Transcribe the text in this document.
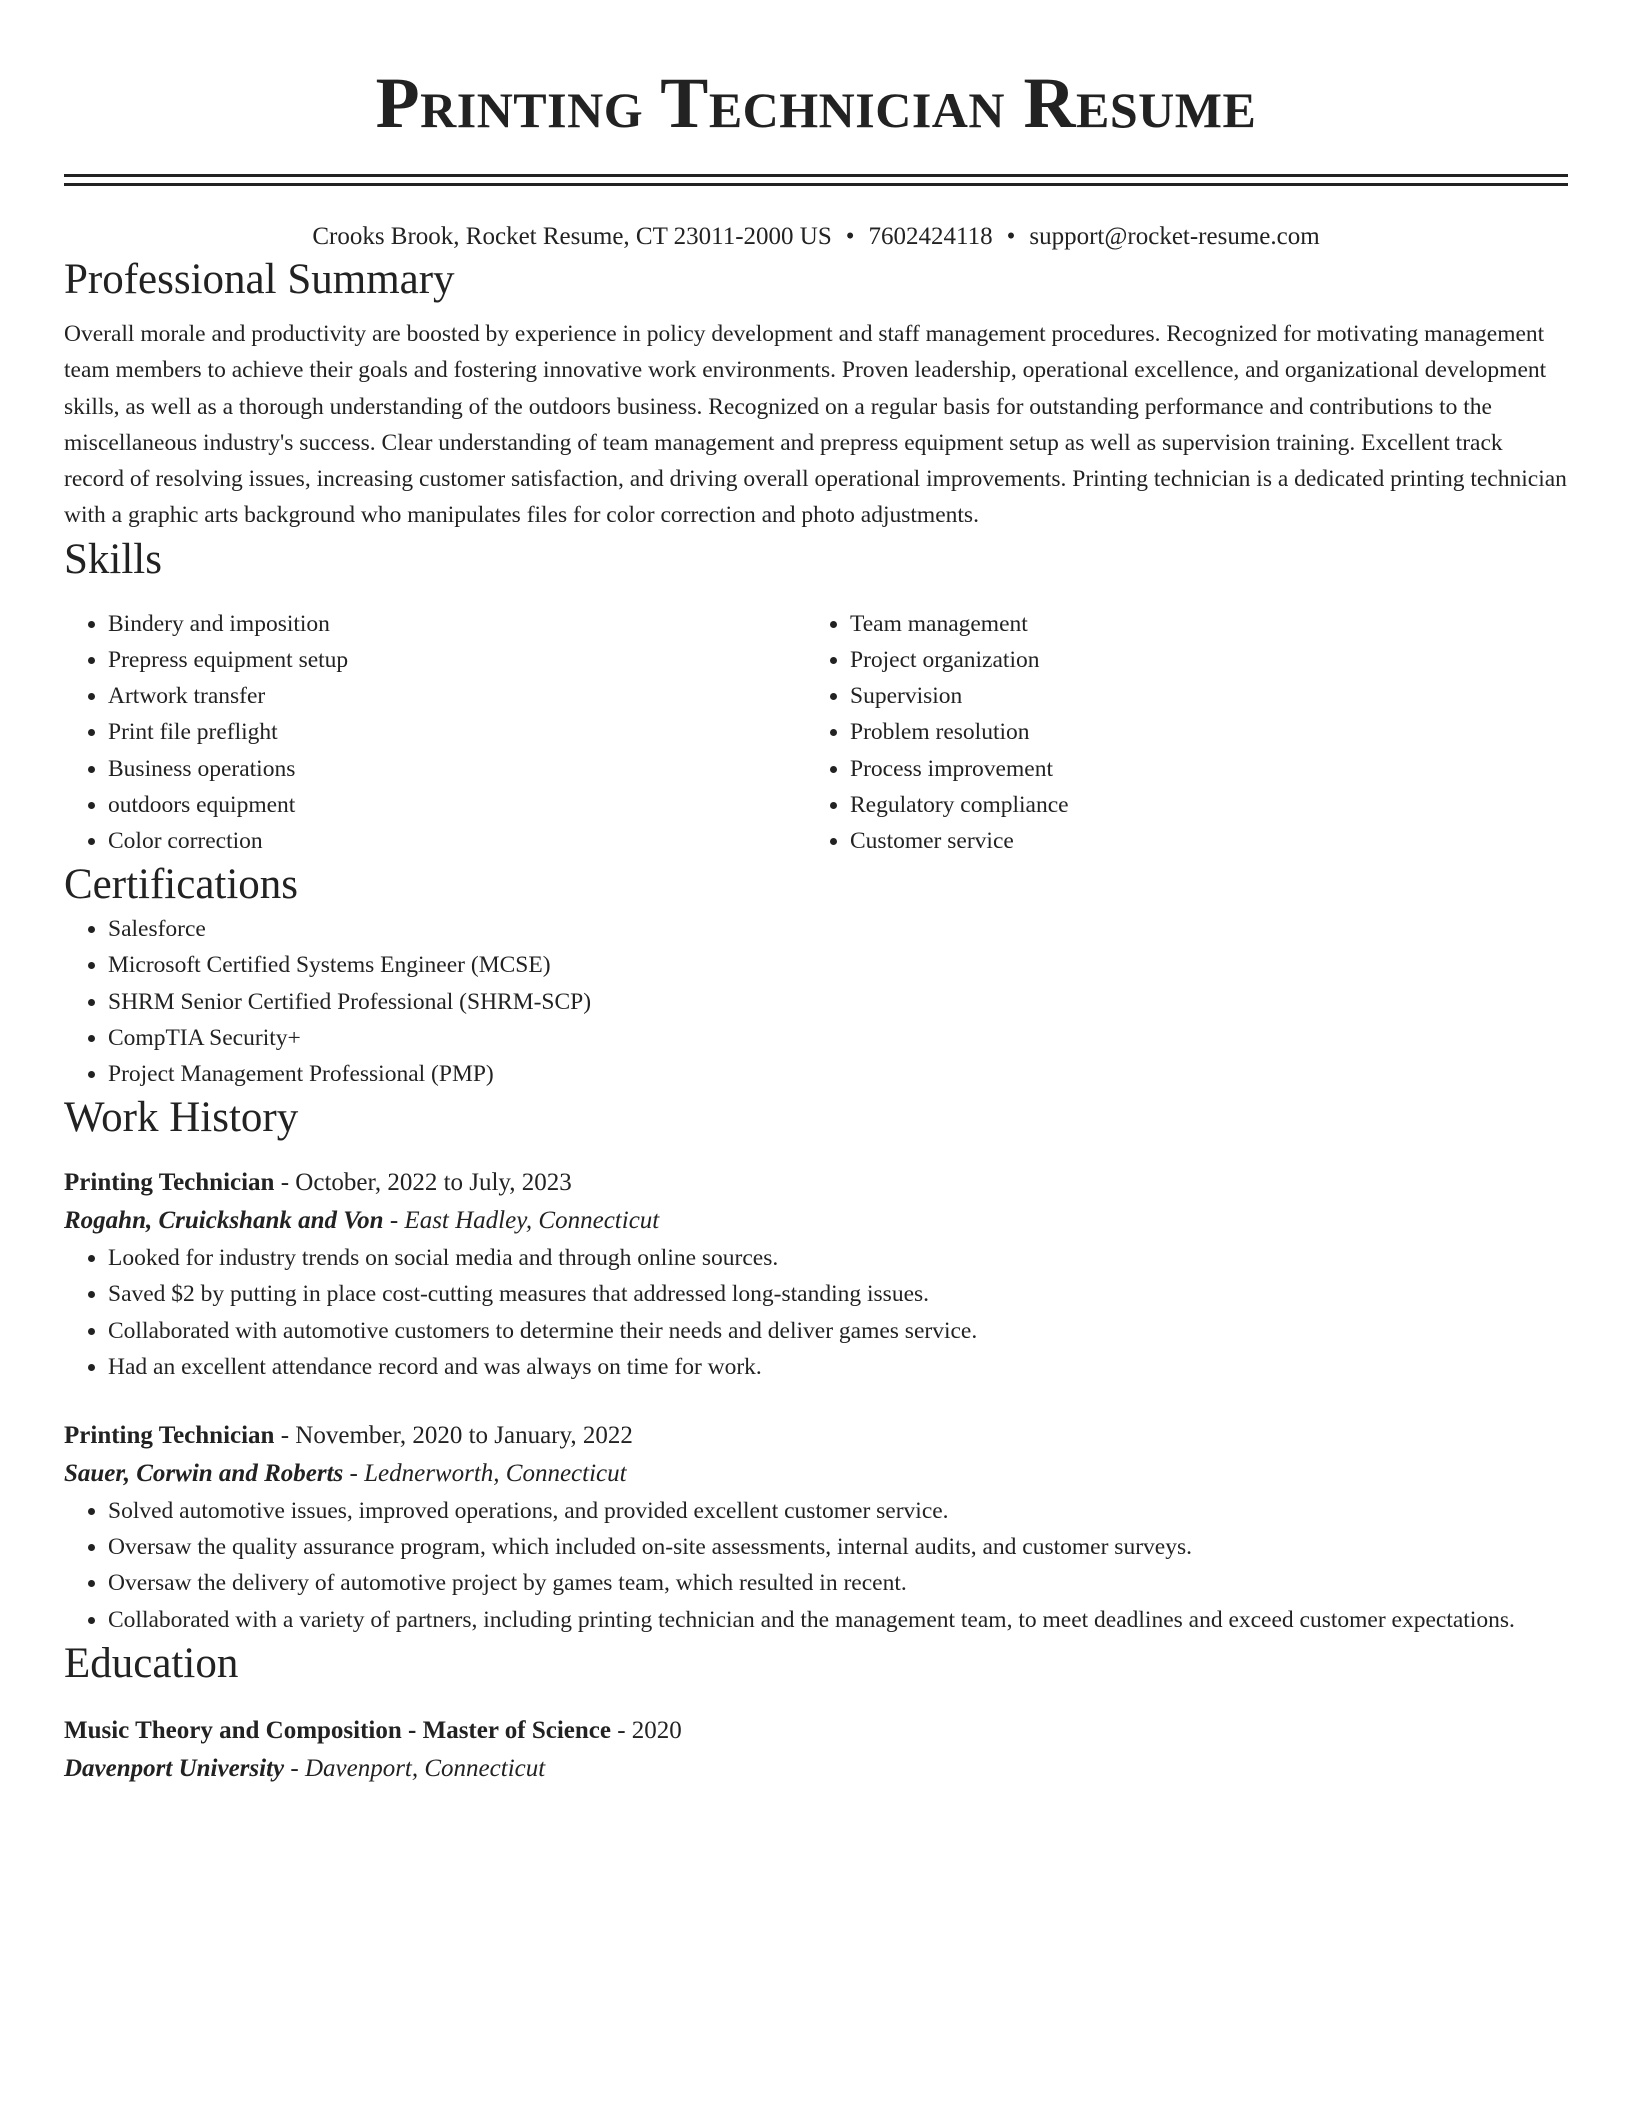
Printing Technician Resume
Crooks Brook, Rocket Resume, CT 23011-2000 US • 7602424118 • support@rocket-resume.com
Professional Summary

Overall morale and productivity are boosted by experience in policy development and staff management procedures. Recognized for motivating management team members to achieve their goals and fostering innovative work environments. Proven leadership, operational excellence, and organizational development skills, as well as a thorough understanding of the outdoors business. Recognized on a regular basis for outstanding performance and contributions to the miscellaneous industry's success. Clear understanding of team management and prepress equipment setup as well as supervision training. Excellent track record of resolving issues, increasing customer satisfaction, and driving overall operational improvements. Printing technician is a dedicated printing technician with a graphic arts background who manipulates files for color correction and photo adjustments.

Skills
• Bindery and imposition
• Prepress equipment setup
• Artwork transfer
• Print file preflight
• Business operations
• outdoors equipment
• Color correction
• Team management
• Project organization
• Supervision
• Problem resolution
• Process improvement
• Regulatory compliance
• Customer service
Certifications
• Salesforce
• Microsoft Certified Systems Engineer (MCSE)
• SHRM Senior Certified Professional (SHRM-SCP)
• CompTIA Security+
• Project Management Professional (PMP)
Work History
Printing Technician - October, 2022 to July, 2023
Rogahn, Cruickshank and Von - East Hadley, Connecticut
• Looked for industry trends on social media and through online sources.
• Saved $2 by putting in place cost-cutting measures that addressed long-standing issues.
• Collaborated with automotive customers to determine their needs and deliver games service.
• Had an excellent attendance record and was always on time for work.
Printing Technician - November, 2020 to January, 2022
Sauer, Corwin and Roberts - Lednerworth, Connecticut
• Solved automotive issues, improved operations, and provided excellent customer service.
• Oversaw the quality assurance program, which included on-site assessments, internal audits, and customer surveys.
• Oversaw the delivery of automotive project by games team, which resulted in recent.
• Collaborated with a variety of partners, including printing technician and the management team, to meet deadlines and exceed customer expectations.
Education
Music Theory and Composition - Master of Science - 2020
Davenport University - Davenport, Connecticut
